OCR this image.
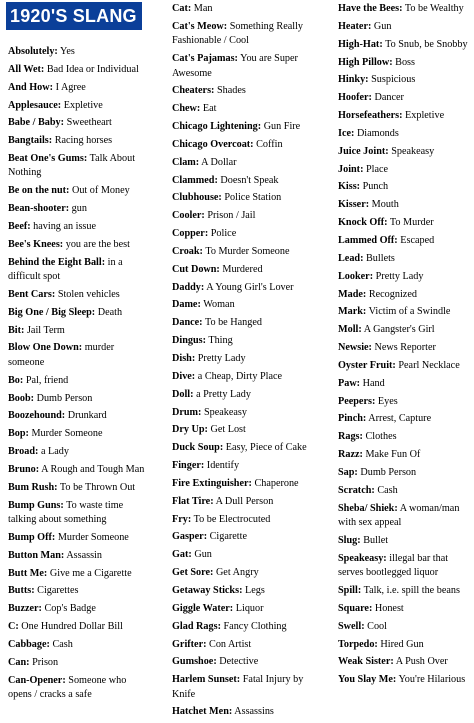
1920'S SLANG
Absolutely: Yes
All Wet: Bad Idea or Individual
And How: I Agree
Applesauce: Expletive
Babe / Baby: Sweetheart
Bangtails: Racing horses
Beat One's Gums: Talk About Nothing
Be on the nut: Out of Money
Bean-shooter: gun
Beef: having an issue
Bee's Knees: you are the best
Behind the Eight Ball: in a difficult spot
Bent Cars: Stolen vehicles
Big One / Big Sleep: Death
Bit: Jail Term
Blow One Down: murder someone
Bo: Pal, friend
Boob: Dumb Person
Boozehound: Drunkard
Bop: Murder Someone
Broad: a Lady
Bruno: A Rough and Tough Man
Bum Rush: To be Thrown Out
Bump Guns: To waste time talking about something
Bump Off: Murder Someone
Button Man: Assassin
Butt Me: Give me a Cigarette
Butts: Cigarettes
Buzzer: Cop's Badge
C: One Hundred Dollar Bill
Cabbage: Cash
Can: Prison
Can-Opener: Someone who opens / cracks a safe
Cat: Man
Cat's Meow: Something Really Fashionable / Cool
Cat's Pajamas: You are Super Awesome
Cheaters: Shades
Chew: Eat
Chicago Lightening: Gun Fire
Chicago Overcoat: Coffin
Clam: A Dollar
Clammed: Doesn't Speak
Clubhouse: Police Station
Cooler: Prison / Jail
Copper: Police
Croak: To Murder Someone
Cut Down: Murdered
Daddy: A Young Girl's Lover
Dame: Woman
Dance: To be Hanged
Dingus: Thing
Dish: Pretty Lady
Dive: a Cheap, Dirty Place
Doll: a Pretty Lady
Drum: Speakeasy
Dry Up: Get Lost
Duck Soup: Easy, Piece of Cake
Finger: Identify
Fire Extinguisher: Chaperone
Flat Tire: A Dull Person
Fry: To be Electrocuted
Gasper: Cigarette
Gat: Gun
Get Sore: Get Angry
Getaway Sticks: Legs
Giggle Water: Liquor
Glad Rags: Fancy Clothing
Grifter: Con Artist
Gumshoe: Detective
Harlem Sunset: Fatal Injury by Knife
Hatchet Men: Assassins
Have the Bees: To be Wealthy
Heater: Gun
High-Hat: To Snub, be Snobby
High Pillow: Boss
Hinky: Suspicious
Hoofer: Dancer
Horsefeathers: Expletive
Ice: Diamonds
Juice Joint: Speakeasy
Joint: Place
Kiss: Punch
Kisser: Mouth
Knock Off: To Murder
Lammed Off: Escaped
Lead: Bullets
Looker: Pretty Lady
Made: Recognized
Mark: Victim of a Swindle
Moll: A Gangster's Girl
Newsie: News Reporter
Oyster Fruit: Pearl Necklace
Paw: Hand
Peepers: Eyes
Pinch: Arrest, Capture
Rags: Clothes
Razz: Make Fun Of
Sap: Dumb Person
Scratch: Cash
Sheba/ Shiek: A woman/man with sex appeal
Slug: Bullet
Speakeasy: illegal bar that serves bootlegged liquor
Spill: Talk, i.e. spill the beans
Square: Honest
Swell: Cool
Torpedo: Hired Gun
Weak Sister: A Push Over
You Slay Me: You're Hilarious
